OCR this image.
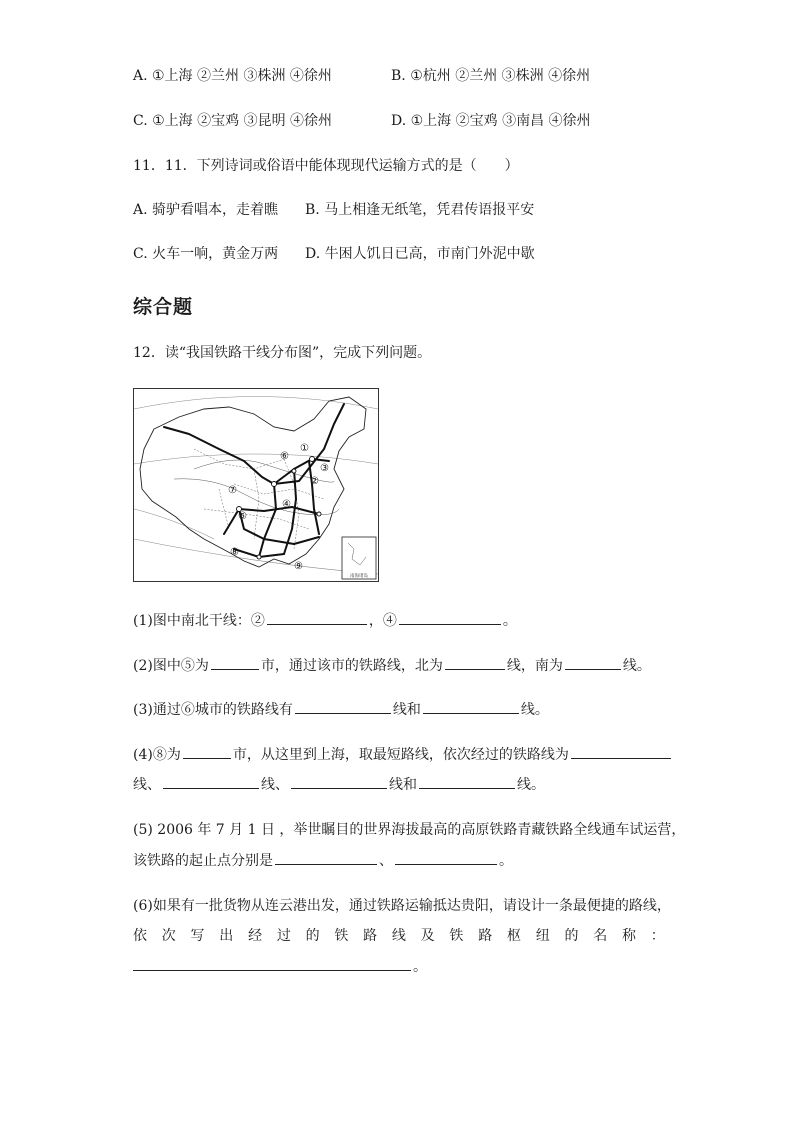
A. ①上海 ②兰州 ③株洲 ④徐州	B. ①杭州 ②兰州 ③株洲 ④徐州
C. ①上海 ②宝鸡 ③昆明 ④徐州	D. ①上海 ②宝鸡 ③南昌 ④徐州
11．11．下列诗词或俗语中能体现现代运输方式的是（　　）
A. 骑驴看唱本，走着瞧 B. 马上相逢无纸笔，凭君传语报平安
C. 火车一响，黄金万两 D. 牛困人饥日已高，市南门外泥中歇
综合题
12．读“我国铁路干线分布图”，完成下列问题。
南海诸岛
①
②
③
④
⑤
⑥
⑦
⑧
⑨
(1)图中南北干线：②	，④	。
(2)图中⑤为	市，通过该市的铁路线，北为	线，南为	线。
(3)通过⑥城市的铁路线有	线和	线。
(4)⑧为	市，从这里到上海，取最短路线，依次经过的铁路线为
线、	线、	线和	线。
(5) 2006 年 7 月 1 日 ，举世瞩目的世界海拔最高的高原铁路青藏铁路全线通车试运营，
该铁路的起止点分别是	、	。
(6)如果有一批货物从连云港出发，通过铁路运输抵达贵阳，请设计一条最便捷的路线，
依 次 写 出 经 过 的 铁 路 线 及 铁 路 枢 纽 的 名 称 ：
。
